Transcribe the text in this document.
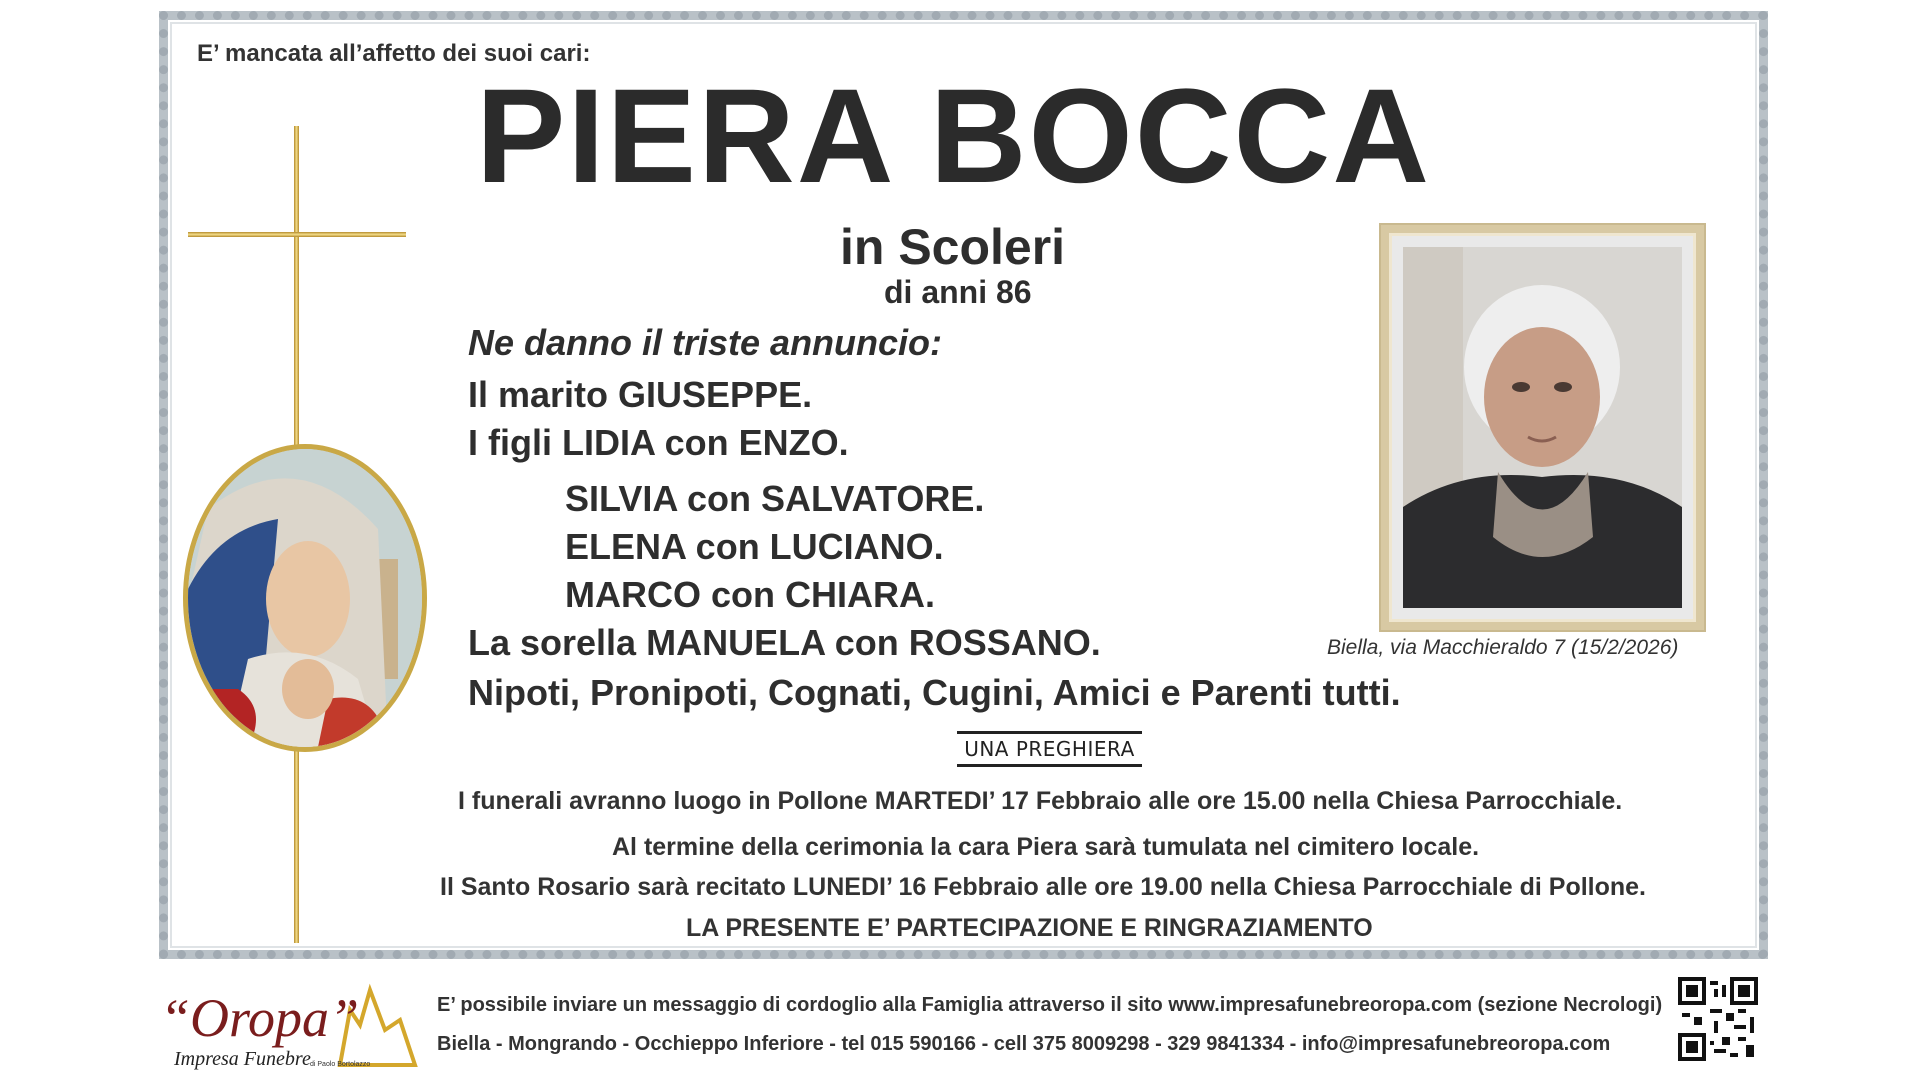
E’ mancata all’affetto dei suoi cari:
PIERA BOCCA
in Scoleri
di anni 86
Ne danno il triste annuncio:
Il marito GIUSEPPE.
I figli LIDIA con ENZO.
SILVIA con SALVATORE.
ELENA con LUCIANO.
MARCO con CHIARA.
La sorella MANUELA con ROSSANO.
Nipoti, Pronipoti, Cognati, Cugini, Amici e Parenti tutti.
Biella, via Macchieraldo 7 (15/2/2026)
UNA PREGHIERA
I funerali avranno luogo in Pollone MARTEDI’ 17 Febbraio alle ore 15.00 nella Chiesa Parrocchiale.
Al termine della cerimonia la cara Piera sarà tumulata nel cimitero locale.
Il Santo Rosario sarà recitato LUNEDI’ 16 Febbraio alle ore 19.00 nella Chiesa Parrocchiale di Pollone.
LA PRESENTE E’ PARTECIPAZIONE E RINGRAZIAMENTO
“Oropa”
Impresa Funebre di Paolo Bortolazzo
E’ possibile inviare un messaggio di cordoglio alla Famiglia attraverso il sito www.impresafunebreoropa.com (sezione Necrologi)
Biella - Mongrando - Occhieppo Inferiore - tel 015 590166 - cell 375 8009298 - 329 9841334 - info@impresafunebreoropa.com
